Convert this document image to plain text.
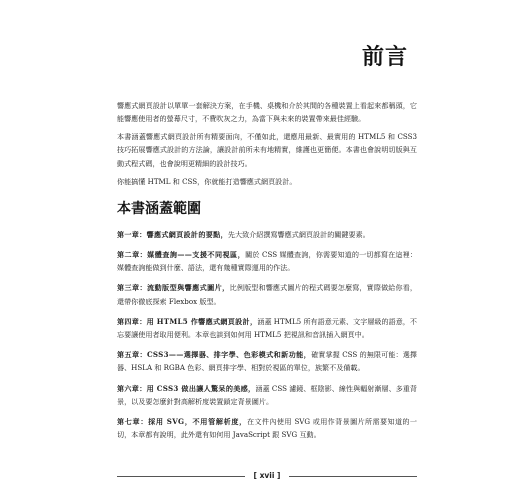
前言

響應式網頁設計以單單一套解決方案，在手機、桌機和介於其間的各種裝置上看起來都稱頭，它能響應使用者的螢幕尺寸，不費吹灰之力，為當下與未來的裝置帶來最佳經驗。

本書涵蓋響應式網頁設計所有精要面向，不僅如此，還應用最新、最實用的 HTML5 和 CSS3 技巧拓展響應式設計的方法論，讓設計前所未有地精實，維護也更簡便。本書也會說明切版與互動式程式碼，也會說明更精細的設計技巧。

你能搞懂 HTML 和 CSS，你就能打造響應式網頁設計。

本書涵蓋範圍

第一章：響應式網頁設計的要點，先大致介紹撰寫響應式網頁設計的關鍵要素。

第二章：媒體查詢——支援不同視區，關於 CSS 媒體查詢，你需要知道的一切都寫在這裡：媒體查詢能做到什麼、語法，還有幾種實際運用的作法。

第三章：流動版型與響應式圖片，比例版型和響應式圖片的程式碼要怎麼寫，實際做給你看，還帶你徹底探索 Flexbox 版型。

第四章：用 HTML5 作響應式網頁設計，涵蓋 HTML5 所有語意元素、文字層級的語意，不忘要讓使用者取用便利。本章也談到如何用 HTML5 把視訊和音訊插入網頁中。

第五章：CSS3——選擇器、排字學、色彩模式和新功能，確實掌握 CSS 的無限可能：選擇器、HSLA 和 RGBA 色彩、網頁排字學、相對於視區的單位，族繁不及備載。

第六章：用 CSS3 做出讓人驚呆的美感，涵蓋 CSS 濾鏡、框陰影、線性與輻射漸層、多重背景，以及要怎麼針對高解析度裝置鎖定背景圖片。

第七章：採用 SVG，不用管解析度，在文件內使用 SVG 或用作背景圖片所需要知道的一切，本章都有說明，此外還有如何用 JavaScript 跟 SVG 互動。

[ xvii ]
